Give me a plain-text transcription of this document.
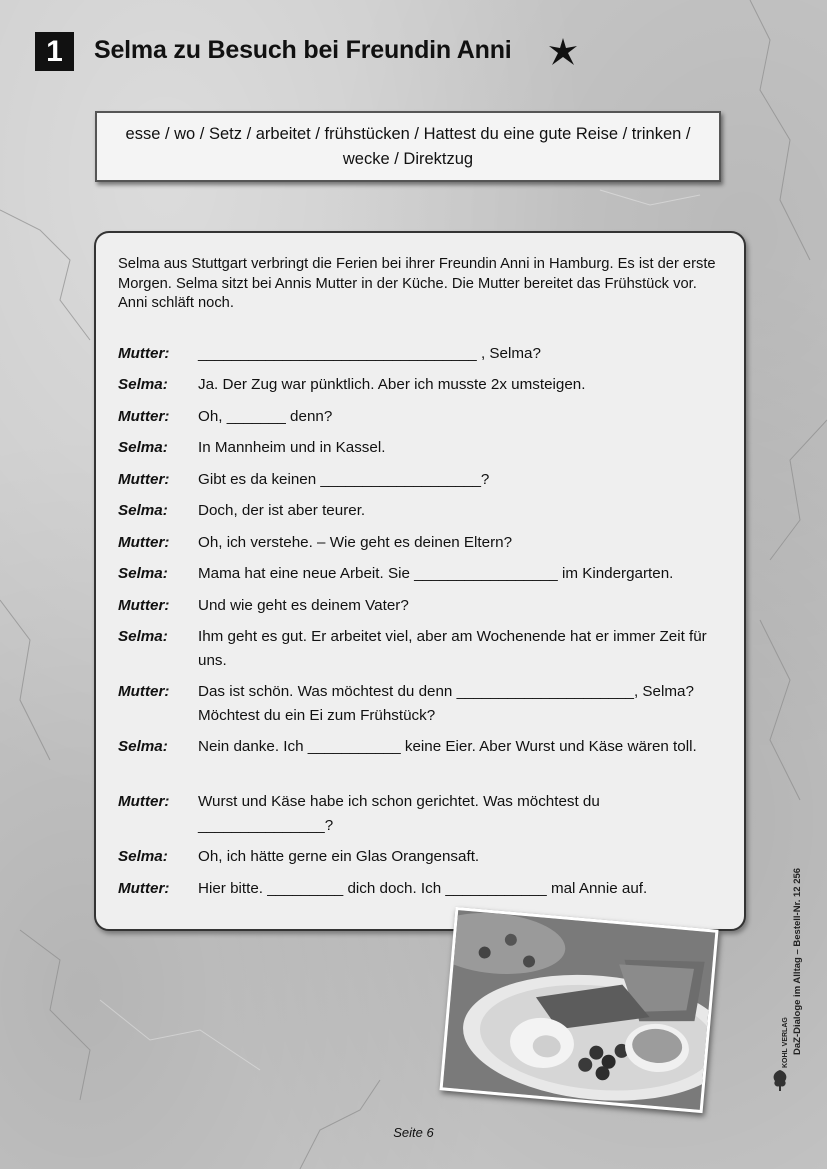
1 Selma zu Besuch bei Freundin Anni
esse / wo / Setz / arbeitet / frühstücken / Hattest du eine gute Reise / trinken / wecke / Direktzug
Selma aus Stuttgart verbringt die Ferien bei ihrer Freundin Anni in Hamburg. Es ist der erste Morgen. Selma sitzt bei Annis Mutter in der Küche. Die Mutter bereitet das Frühstück vor. Anni schläft noch.
Mutter: _________________________________ , Selma?
Selma: Ja. Der Zug war pünktlich. Aber ich musste 2x umsteigen.
Mutter: Oh, _______ denn?
Selma: In Mannheim und in Kassel.
Mutter: Gibt es da keinen ___________________?
Selma: Doch, der ist aber teurer.
Mutter: Oh, ich verstehe. – Wie geht es deinen Eltern?
Selma: Mama hat eine neue Arbeit. Sie _________________ im Kindergarten.
Mutter: Und wie geht es deinem Vater?
Selma: Ihm geht es gut. Er arbeitet viel, aber am Wochenende hat er immer Zeit für uns.
Mutter: Das ist schön. Was möchtest du denn _____________________, Selma? Möchtest du ein Ei zum Frühstück?
Selma: Nein danke. Ich ___________ keine Eier. Aber Wurst und Käse wären toll.
Mutter: Wurst und Käse habe ich schon gerichtet. Was möchtest du _______________?
Selma: Oh, ich hätte gerne ein Glas Orangensaft.
Mutter: Hier bitte. _________ dich doch. Ich ____________ mal Annie auf.
Seite 6
DaZ-Dialoge im Alltag – Bestell-Nr. 12 256
KOHL VERLAG
